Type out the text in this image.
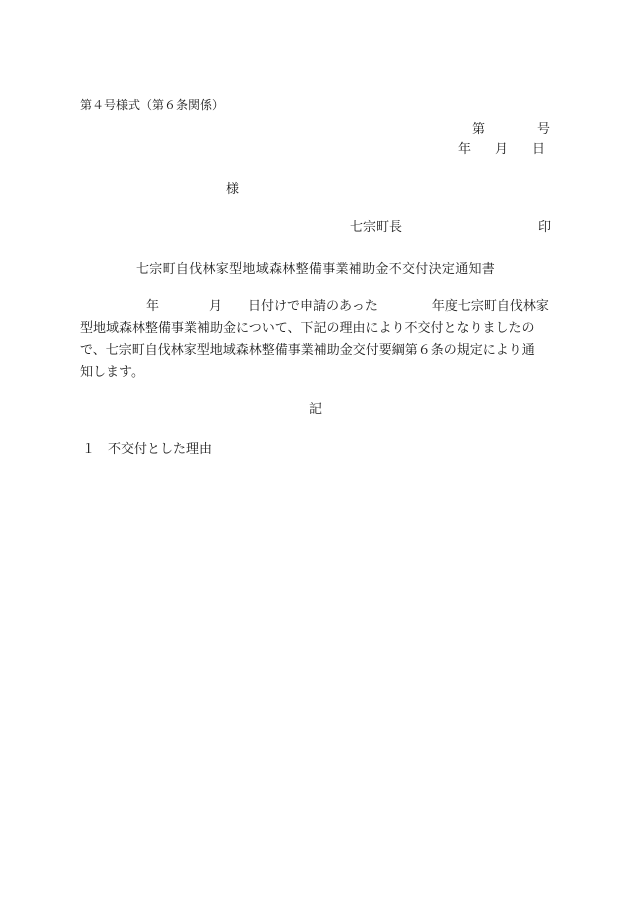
第４号様式（第６条関係）
第	号
年 月 日
様
七宗町長	印
七宗町自伐林家型地域森林整備事業補助金不交付決定通知書
年	月 日付けで申請のあった	年度七宗町自伐林家
型地域森林整備事業補助金について、下記の理由により不交付となりましたの
で、七宗町自伐林家型地域森林整備事業補助金交付要綱第６条の規定により通
知します。
記
１ 不交付とした理由
